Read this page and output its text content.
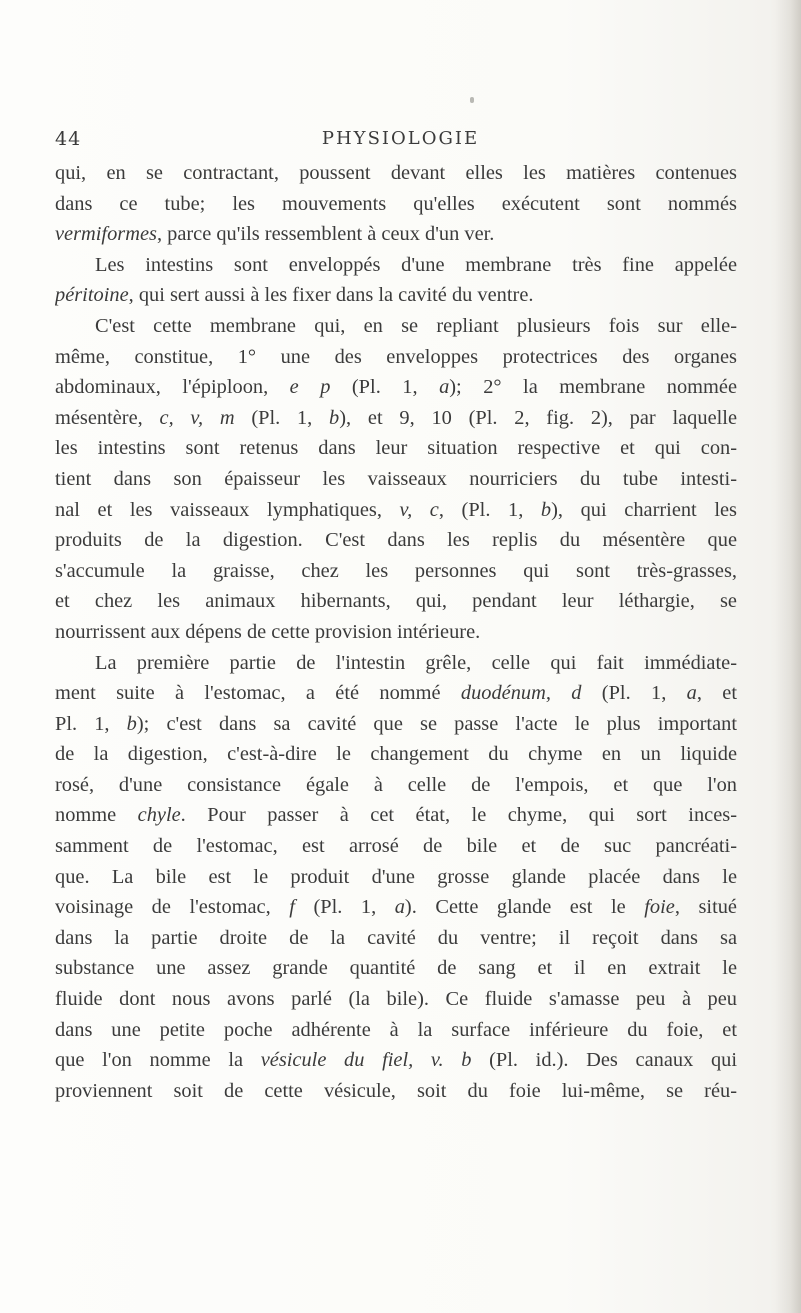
PHYSIOLOGIE
44
qui, en se contractant, poussent devant elles les matières contenues
dans ce tube; les mouvements qu'elles exécutent sont nommés
vermiformes, parce qu'ils ressemblent à ceux d'un ver.
Les intestins sont enveloppés d'une membrane très fine appelée
péritoine, qui sert aussi à les fixer dans la cavité du ventre.
C'est cette membrane qui, en se repliant plusieurs fois sur elle-
même, constitue, 1° une des enveloppes protectrices des organes
abdominaux, l'épiploon, e p (Pl. 1, a); 2° la membrane nommée
mésentère, c, v, m (Pl. 1, b), et 9, 10 (Pl. 2, fig. 2), par laquelle
les intestins sont retenus dans leur situation respective et qui con-
tient dans son épaisseur les vaisseaux nourriciers du tube intesti-
nal et les vaisseaux lymphatiques, v, c, (Pl. 1, b), qui charrient les
produits de la digestion. C'est dans les replis du mésentère que
s'accumule la graisse, chez les personnes qui sont très-grasses,
et chez les animaux hibernants, qui, pendant leur léthargie, se
nourrissent aux dépens de cette provision intérieure.
La première partie de l'intestin grêle, celle qui fait immédiate-
ment suite à l'estomac, a été nommé duodénum, d (Pl. 1, a, et
Pl. 1, b); c'est dans sa cavité que se passe l'acte le plus important
de la digestion, c'est-à-dire le changement du chyme en un liquide
rosé, d'une consistance égale à celle de l'empois, et que l'on
nomme chyle. Pour passer à cet état, le chyme, qui sort inces-
samment de l'estomac, est arrosé de bile et de suc pancréati-
que. La bile est le produit d'une grosse glande placée dans le
voisinage de l'estomac, f (Pl. 1, a). Cette glande est le foie, situé
dans la partie droite de la cavité du ventre; il reçoit dans sa
substance une assez grande quantité de sang et il en extrait le
fluide dont nous avons parlé (la bile). Ce fluide s'amasse peu à peu
dans une petite poche adhérente à la surface inférieure du foie, et
que l'on nomme la vésicule du fiel, v. b (Pl. id.). Des canaux qui
proviennent soit de cette vésicule, soit du foie lui-même, se réu-
